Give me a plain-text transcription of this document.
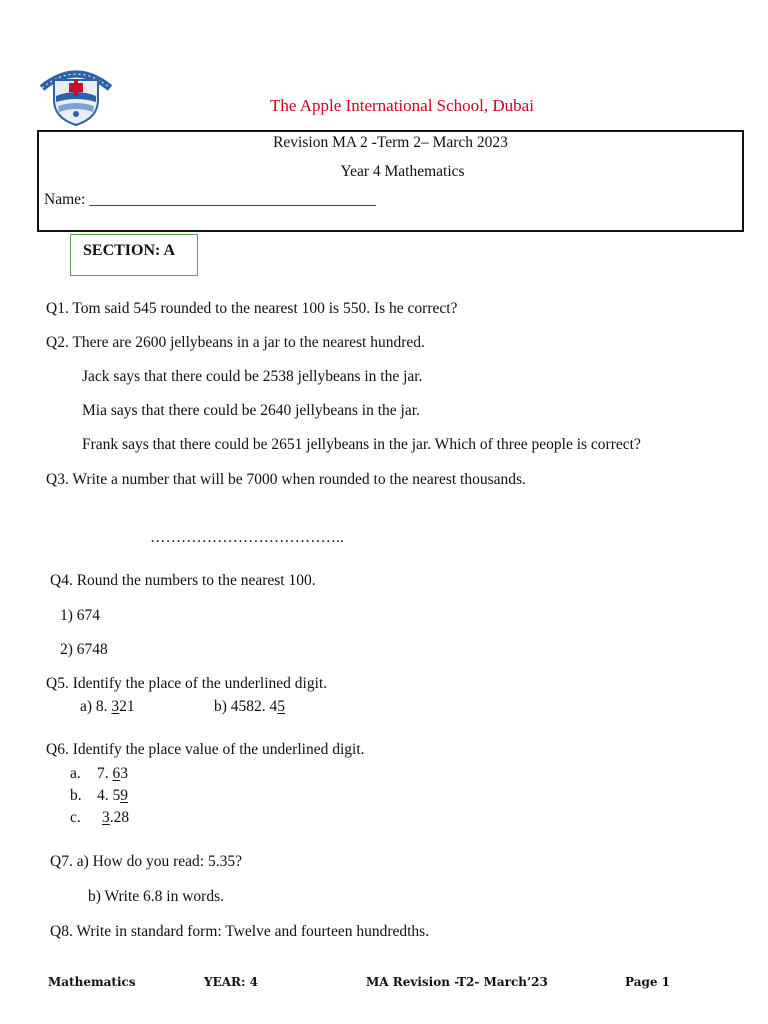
The Apple International School, Dubai
Revision MA 2 -Term 2– March 2023
Year 4 Mathematics
Name: _____________________________________
SECTION: A
Q1. Tom said 545 rounded to the nearest 100 is 550. Is he correct?
Q2. There are 2600 jellybeans in a jar to the nearest hundred.
Jack says that there could be 2538 jellybeans in the jar.
Mia says that there could be 2640 jellybeans in the jar.
Frank says that there could be 2651 jellybeans in the jar. Which of three people is correct?
Q3. Write a number that will be 7000 when rounded to the nearest thousands.
………………………………..
Q4. Round the numbers to the nearest 100.
1) 674
2) 6748
Q5. Identify the place of the underlined digit.
a) 8. 321	b) 4582. 45
Q6. Identify the place value of the underlined digit.
a. 7. 63
b. 4. 59
c. 3.28
Q7. a) How do you read: 5.35?
b) Write 6.8 in words.
Q8. Write in standard form: Twelve and fourteen hundredths.
Mathematics	YEAR: 4	MA Revision -T2- March’23	Page 1
